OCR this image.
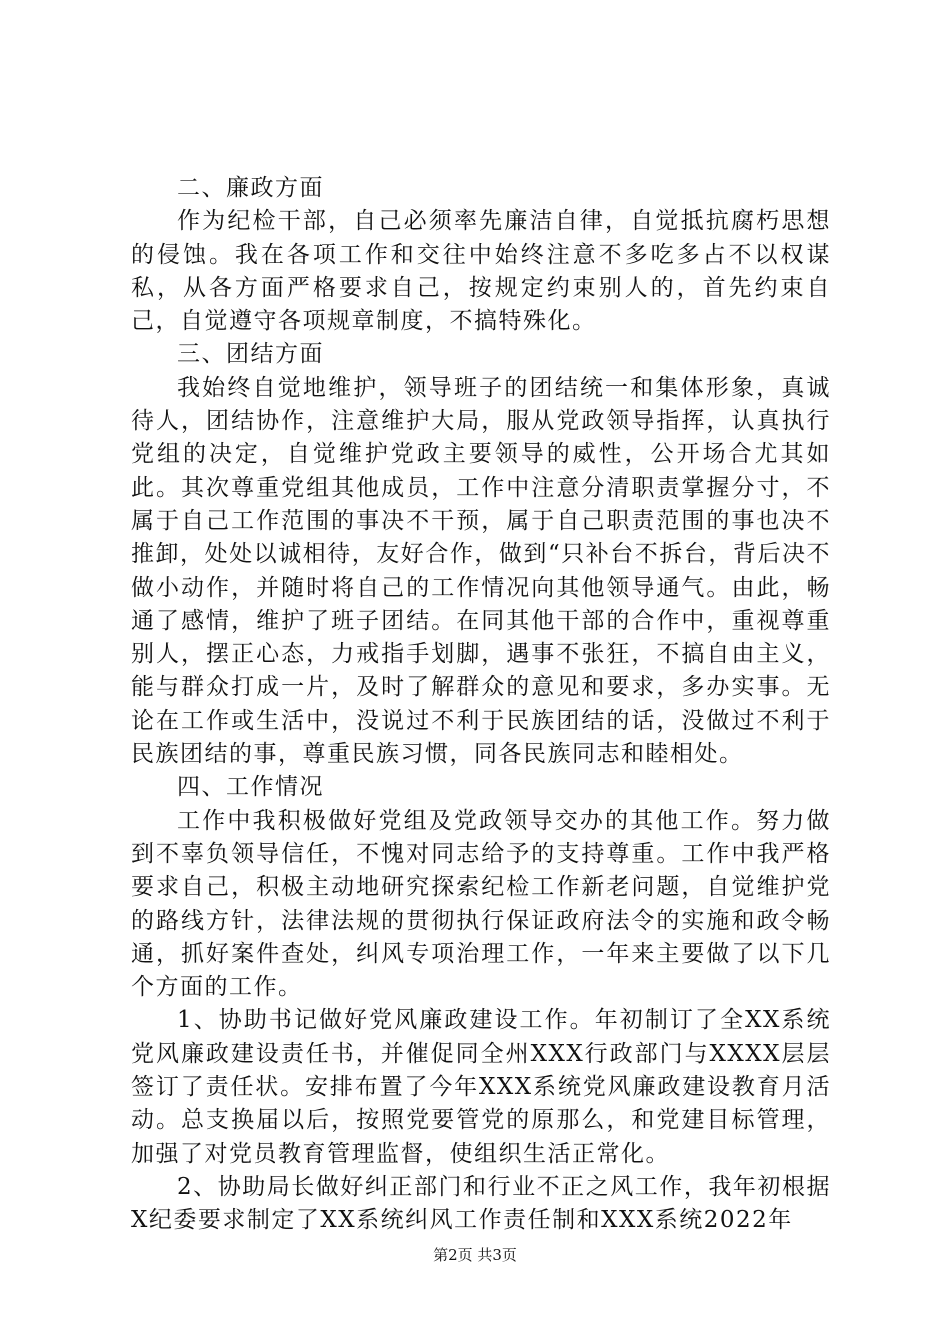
二、廉政方面

作为纪检干部，自己必须率先廉洁自律，自觉抵抗腐朽思想的侵蚀。我在各项工作和交往中始终注意不多吃多占不以权谋私，从各方面严格要求自己，按规定约束别人的，首先约束自己，自觉遵守各项规章制度，不搞特殊化。

三、团结方面

我始终自觉地维护，领导班子的团结统一和集体形象，真诚待人，团结协作，注意维护大局，服从党政领导指挥，认真执行党组的决定，自觉维护党政主要领导的威性，公开场合尤其如此。其次尊重党组其他成员，工作中注意分清职责掌握分寸，不属于自己工作范围的事决不干预，属于自己职责范围的事也决不推卸，处处以诚相待，友好合作，做到“只补台不拆台，背后决不做小动作，并随时将自己的工作情况向其他领导通气。由此，畅通了感情，维护了班子团结。在同其他干部的合作中，重视尊重别人，摆正心态，力戒指手划脚，遇事不张狂，不搞自由主义，能与群众打成一片，及时了解群众的意见和要求，多办实事。无论在工作或生活中，没说过不利于民族团结的话，没做过不利于民族团结的事，尊重民族习惯，同各民族同志和睦相处。

四、工作情况

工作中我积极做好党组及党政领导交办的其他工作。努力做到不辜负领导信任，不愧对同志给予的支持尊重。工作中我严格要求自己，积极主动地研究探索纪检工作新老问题，自觉维护党的路线方针，法律法规的贯彻执行保证政府法令的实施和政令畅通，抓好案件查处，纠风专项治理工作，一年来主要做了以下几个方面的工作。

1、协助书记做好党风廉政建设工作。年初制订了全XX系统党风廉政建设责任书，并催促同全州XXX行政部门与XXXX层层签订了责任状。安排布置了今年XXX系统党风廉政建设教育月活动。总支换届以后，按照党要管党的原那么，和党建目标管理，加强了对党员教育管理监督，使组织生活正常化。

2、协助局长做好纠正部门和行业不正之风工作，我年初根据X纪委要求制定了XX系统纠风工作责任制和XXX系统2022年

第2页 共3页
